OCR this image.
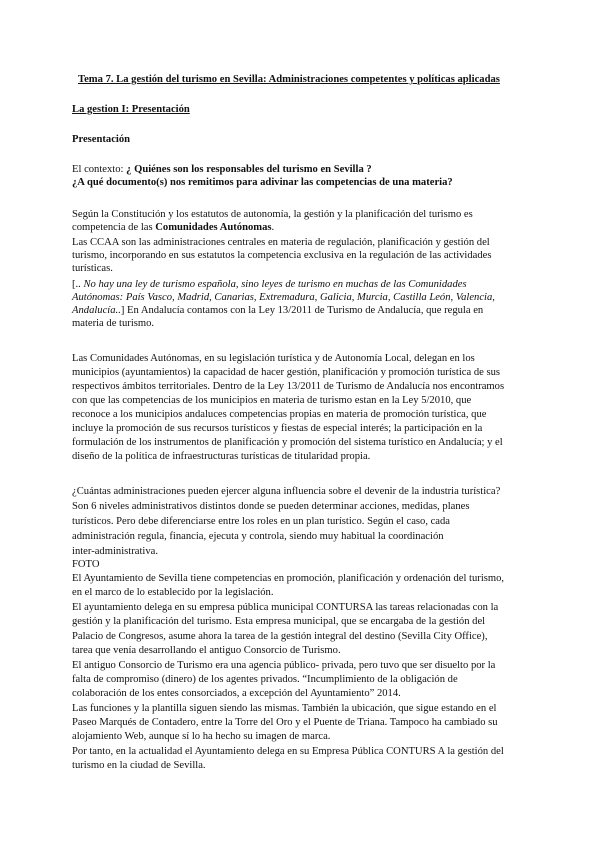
Tema 7. La gestión del turismo en Sevilla: Administraciones competentes y políticas aplicadas
La gestion I: Presentación
Presentación
El contexto: ¿ Quiénes son los responsables del turismo en Sevilla ?
¿A qué documento(s) nos remitimos para adivinar las competencias de una materia?
Según la Constitución y los estatutos de autonomía, la gestión y la planificación del turismo es
competencia de las Comunidades Autónomas.
Las CCAA son las administraciones centrales en materia de regulación, planificación y gestión del
turismo, incorporando en sus estatutos la competencia exclusiva en la regulación de las actividades
turísticas.
[.. No hay una ley de turismo española, sino leyes de turismo en muchas de las Comunidades
Autónomas: País Vasco, Madrid, Canarias, Extremadura, Galicia, Murcia, Castilla León, Valencia,
Andalucía..] En Andalucía contamos con la Ley 13/2011 de Turismo de Andalucía, que regula en
materia de turismo.
Las Comunidades Autónomas, en su legislación turística y de Autonomía Local, delegan en los
municipios (ayuntamientos) la capacidad de hacer gestión, planificación y promoción turística de sus
respectivos ámbitos territoriales. Dentro de la Ley 13/2011 de Turismo de Andalucía nos encontramos
con que las competencias de los municipios en materia de turismo estan en la Ley 5/2010, que
reconoce a los municipios andaluces competencias propias en materia de promoción turística, que
incluye la promoción de sus recursos turísticos y fiestas de especial interés; la participación en la
formulación de los instrumentos de planificación y promoción del sistema turístico en Andalucía; y el
diseño de la política de infraestructuras turísticas de titularidad propia.
¿Cuántas administraciones pueden ejercer alguna influencia sobre el devenir de la industria turística?
Son 6 niveles administrativos distintos donde se pueden determinar acciones, medidas, planes
turísticos. Pero debe diferenciarse entre los roles en un plan turístico. Según el caso, cada
administración regula, financia, ejecuta y controla, siendo muy habitual la coordinación
inter-administrativa.
FOTO
El Ayuntamiento de Sevilla tiene competencias en promoción, planificación y ordenación del turismo,
en el marco de lo establecido por la legislación.
El ayuntamiento delega en su empresa pública municipal CONTURSA las tareas relacionadas con la
gestión y la planificación del turismo. Esta empresa municipal, que se encargaba de la gestión del
Palacio de Congresos, asume ahora la tarea de la gestión integral del destino (Sevilla City Office),
tarea que venía desarrollando el antiguo Consorcio de Turismo.
El antiguo Consorcio de Turismo era una agencia público- privada, pero tuvo que ser disuelto por la
falta de compromiso (dinero) de los agentes privados. “Incumplimiento de la obligación de
colaboración de los entes consorciados, a excepción del Ayuntamiento” 2014.
Las funciones y la plantilla siguen siendo las mismas. También la ubicación, que sigue estando en el
Paseo Marqués de Contadero, entre la Torre del Oro y el Puente de Triana. Tampoco ha cambiado su
alojamiento Web, aunque sí lo ha hecho su imagen de marca.
Por tanto, en la actualidad el Ayuntamiento delega en su Empresa Pública CONTURS A la gestión del
turismo en la ciudad de Sevilla.
